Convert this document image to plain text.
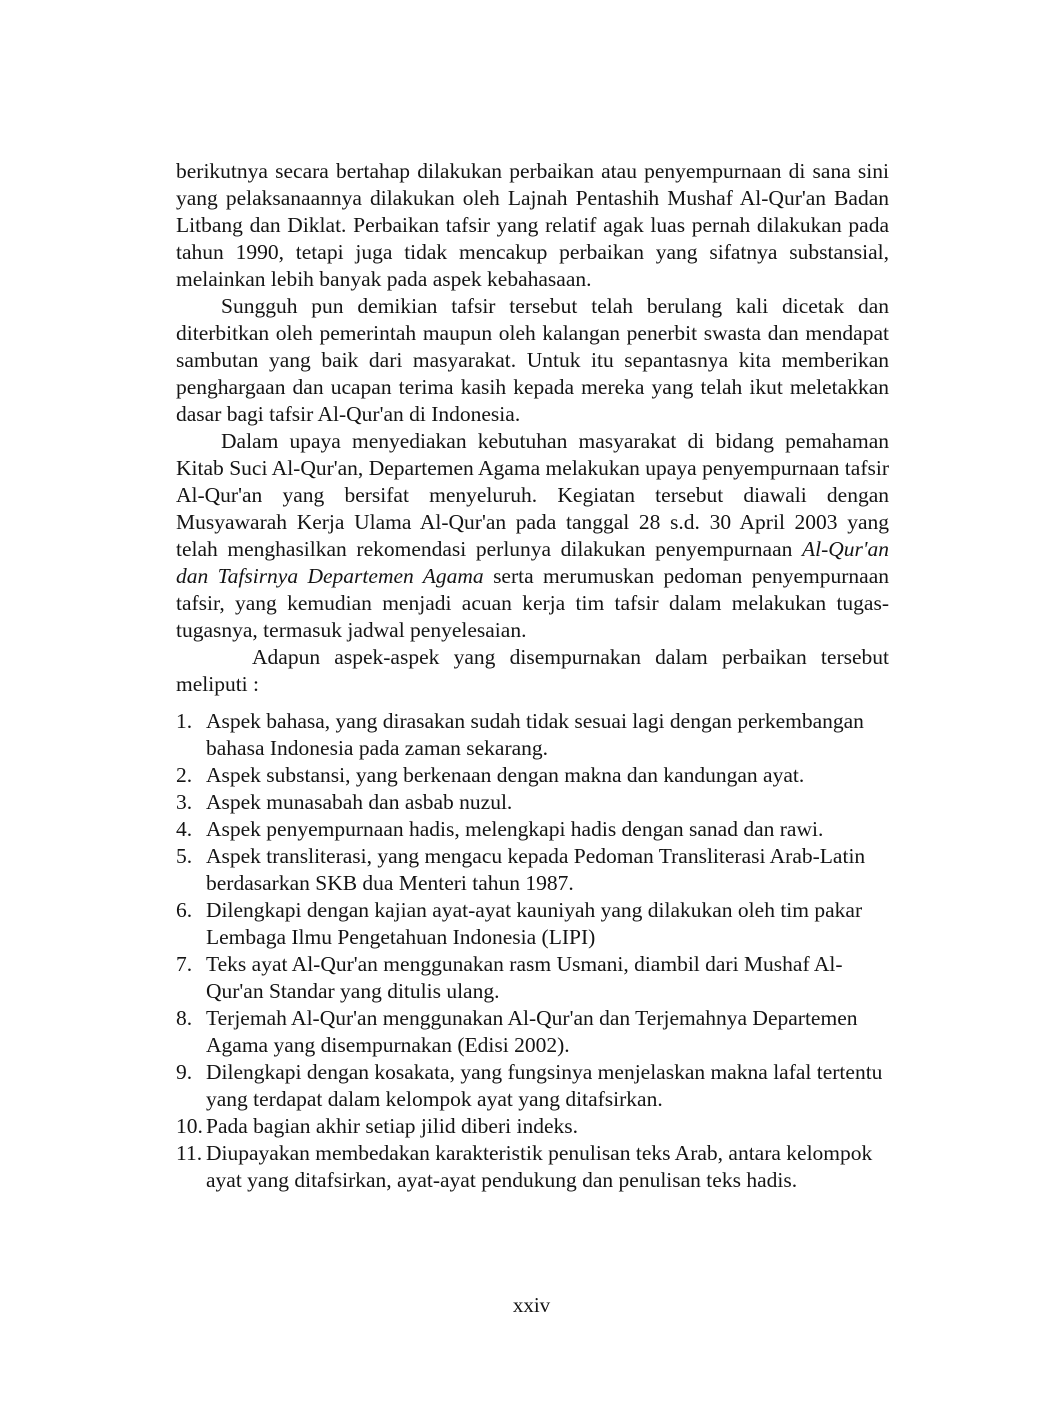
berikutnya secara bertahap dilakukan perbaikan atau penyempurnaan di sana sini yang pelaksanaannya dilakukan oleh Lajnah Pentashih Mushaf Al-Qur'an Badan Litbang dan Diklat. Perbaikan tafsir yang relatif agak luas pernah dilakukan pada tahun 1990, tetapi juga tidak mencakup perbaikan yang sifatnya substansial, melainkan lebih banyak pada aspek kebahasaan.

Sungguh pun demikian tafsir tersebut telah berulang kali dicetak dan diterbitkan oleh pemerintah maupun oleh kalangan penerbit swasta dan mendapat sambutan yang baik dari masyarakat. Untuk itu sepantasnya kita memberikan penghargaan dan ucapan terima kasih kepada mereka yang telah ikut meletakkan dasar bagi tafsir Al-Qur'an di Indonesia.

Dalam upaya menyediakan kebutuhan masyarakat di bidang pemahaman Kitab Suci Al-Qur'an, Departemen Agama melakukan upaya penyempurnaan tafsir Al-Qur'an yang bersifat menyeluruh. Kegiatan tersebut diawali dengan Musyawarah Kerja Ulama Al-Qur'an pada tanggal 28 s.d. 30 April 2003 yang telah menghasilkan rekomendasi perlunya dilakukan penyempurnaan Al-Qur'an dan Tafsirnya Departemen Agama serta merumuskan pedoman penyempurnaan tafsir, yang kemudian menjadi acuan kerja tim tafsir dalam melakukan tugas-tugasnya, termasuk jadwal penyelesaian.

Adapun aspek-aspek yang disempurnakan dalam perbaikan tersebut meliputi :

1. Aspek bahasa, yang dirasakan sudah tidak sesuai lagi dengan perkembangan bahasa Indonesia pada zaman sekarang.
2. Aspek substansi, yang berkenaan dengan makna dan kandungan ayat.
3. Aspek munasabah dan asbab nuzul.
4. Aspek penyempurnaan hadis, melengkapi hadis dengan sanad dan rawi.
5. Aspek transliterasi, yang mengacu kepada Pedoman Transliterasi Arab-Latin berdasarkan SKB dua Menteri tahun 1987.
6. Dilengkapi dengan kajian ayat-ayat kauniyah yang dilakukan oleh tim pakar Lembaga Ilmu Pengetahuan Indonesia (LIPI)
7. Teks ayat Al-Qur'an menggunakan rasm Usmani, diambil dari Mushaf Al-Qur'an Standar yang ditulis ulang.
8. Terjemah Al-Qur'an menggunakan Al-Qur'an dan Terjemahnya Departemen Agama yang disempurnakan (Edisi 2002).
9. Dilengkapi dengan kosakata, yang fungsinya menjelaskan makna lafal tertentu yang terdapat dalam kelompok ayat yang ditafsirkan.
10. Pada bagian akhir setiap jilid diberi indeks.
11. Diupayakan membedakan karakteristik penulisan teks Arab, antara kelompok ayat yang ditafsirkan, ayat-ayat pendukung dan penulisan teks hadis.
xxiv
